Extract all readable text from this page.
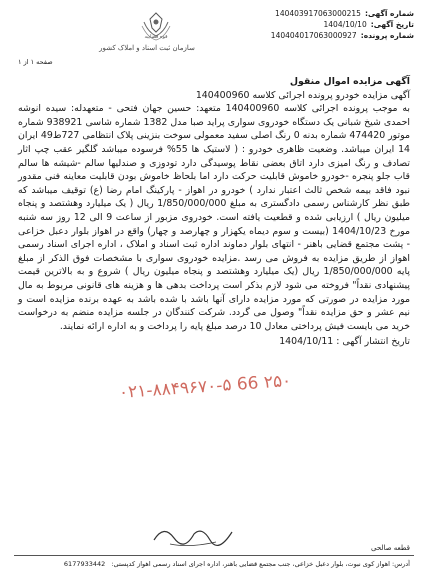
شماره آگهی:
140403917063000215
تاریخ آگهی:
1404/10/10
شماره پرونده:
140404017063000927
قوه قضاییه
سازمان ثبت اسناد و املاک کشور
صفحه ۱ از ۱

آگهی مزایده اموال منقول

آگهی مزایده خودرو پرونده اجرائی کلاسه 140400960

به موجب پرونده اجرائی کلاسه 140400960 متعهد: حسین جهان فتحی - متعهدله: سیده انوشه احمدی شیخ شبانی یک دستگاه خودروی سواری پراید صبا مدل 1382 شماره شاسی 938921 شماره موتور 474420 شماره بدنه 0 رنگ اصلی سفید معمولی سوخت بنزینی پلاک انتظامی 727ط49 ایران 14 ایران میباشد. وضعیت ظاهری خودرو : ( لاستیک ها 55% فرسوده میباشد گلگیر عقب چپ اثار تصادف و رنگ امیزی دارد اتاق بعضی نقاط پوسیدگی دارد تودوزی و صندلیها سالم -شیشه ها سالم قاب جلو پنجره -خودرو خاموش قابلیت حرکت دارد اما بلحاظ خاموش بودن قابلیت معاینه فنی مقدور نبود فاقد بیمه شخص ثالث اعتبار ندارد ) خودرو در اهواز - پارکینگ امام رضا (ع) توقیف میباشد که طبق نظر کارشناس رسمی دادگستری به مبلغ 1/850/000/000 ریال ( یک میلیارد وهشتصد و پنجاه میلیون ریال ) ارزیابی شده و قطعیت یافته است. خودروی مزبور از ساعت 9 الی 12 روز سه شنبه مورخ 1404/10/23 (بیست و سوم دیماه یکهزار و چهارصد و چهار) واقع در اهواز بلوار دعبل خزاعی - پشت مجتمع قضایی باهنر - انتهای بلوار دماوند اداره ثبت اسناد و املاک ، اداره اجرای اسناد رسمی اهواز از طریق مزایده به فروش می رسد .مزایده خودروی سواری با مشخصات فوق الذکر از مبلغ پایه 1/850/000/000 ریال (یک میلیارد وهشتصد و پنجاه میلیون ریال ) شروع و به بالاترین قیمت پیشنهادی نقداً" فروخته می شود لازم بذکر است پرداخت بدهی ها و هزینه های قانونی مربوط به مال مورد مزایده در صورتی که مورد مزایده دارای آنها باشد با شده باشد به عهده برنده مزایده است و نیم عشر و حق مزایده نقداً" وصول می گردد. شرکت کنندگان در جلسه مزایده منضم به درخواست خرید می بایست فیش پرداختی معادل 10 درصد مبلغ پایه را پرداخت و به اداره ارائه نمایند.

تاریخ انتشار آگهی : 1404/10/11

۰۲۱-۸۸۴۹۶۷۰-۵ 66 ۲۵۰
قطعه صالحی
آدرس: اهواز کوی نبوت، بلوار دعبل خزاعی، جنب مجتمع قضایی باهنر، اداره اجرای اسناد رسمی اهواز کدپستی: 6177933442
